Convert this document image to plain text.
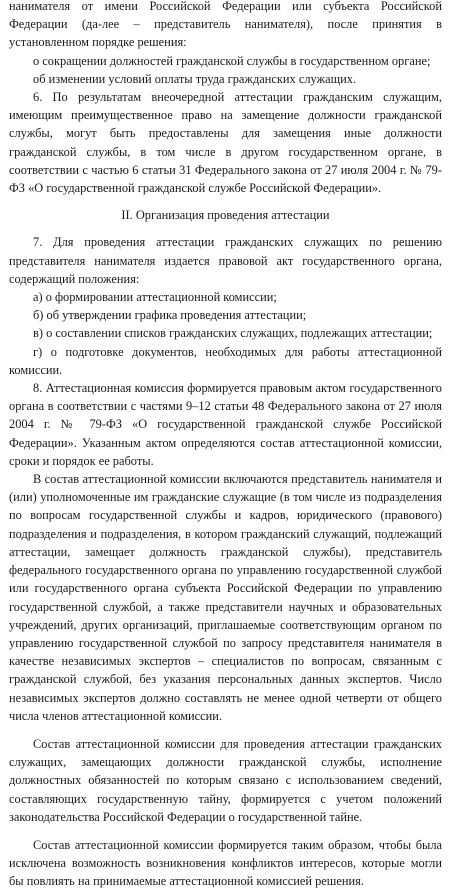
нанимателя от имени Российской Федерации или субъекта Российской Федерации (да-лее – представитель нанимателя), после принятия в установленном порядке решения:

о сокращении должностей гражданской службы в государственном органе;

об изменении условий оплаты труда гражданских служащих.

6. По результатам внеочередной аттестации гражданским служащим, имеющим преимущественное право на замещение должности гражданской службы, могут быть предоставлены для замещения иные должности гражданской службы, в том числе в другом государственном органе, в соответствии с частью 6 статьи 31 Федерального закона от 27 июля 2004 г. № 79-ФЗ «О государственной гражданской службе Российской Федерации».

II. Организация проведения аттестации

7. Для проведения аттестации гражданских служащих по решению представителя нанимателя издается правовой акт государственного органа, содержащий положения:

а) о формировании аттестационной комиссии;

б) об утверждении графика проведения аттестации;

в) о составлении списков гражданских служащих, подлежащих аттестации;

г) о подготовке документов, необходимых для работы аттестационной комиссии.

8. Аттестационная комиссия формируется правовым актом государственного органа в соответствии с частями 9–12 статьи 48 Федерального закона от 27 июля 2004 г. № 79-ФЗ «О государственной гражданской службе Российской Федерации». Указанным актом определяются состав аттестационной комиссии, сроки и порядок ее работы.

В состав аттестационной комиссии включаются представитель нанимателя и (или) уполномоченные им гражданские служащие (в том числе из подразделения по вопросам государственной службы и кадров, юридического (правового) подразделения и подразделения, в котором гражданский служащий, подлежащий аттестации, замещает должность гражданской службы), представитель федерального государственного органа по управлению государственной службой или государственного органа субъекта Российской Федерации по управлению государственной службой, а также представители научных и образовательных учреждений, других организаций, приглашаемые соответствующим органом по управлению государственной службой по запросу представителя нанимателя в качестве независимых экспертов – специалистов по вопросам, связанным с гражданской службой, без указания персональных данных экспертов. Число независимых экспертов должно составлять не менее одной четверти от общего числа членов аттестационной комиссии.

Состав аттестационной комиссии для проведения аттестации гражданских служащих, замещающих должности гражданской службы, исполнение должностных обязанностей по которым связано с использованием сведений, составляющих государственную тайну, формируется с учетом положений законодательства Российской Федерации о государственной тайне.

Состав аттестационной комиссии формируется таким образом, чтобы была исключена возможность возникновения конфликтов интересов, которые могли бы повлиять на принимаемые аттестационной комиссией решения.
